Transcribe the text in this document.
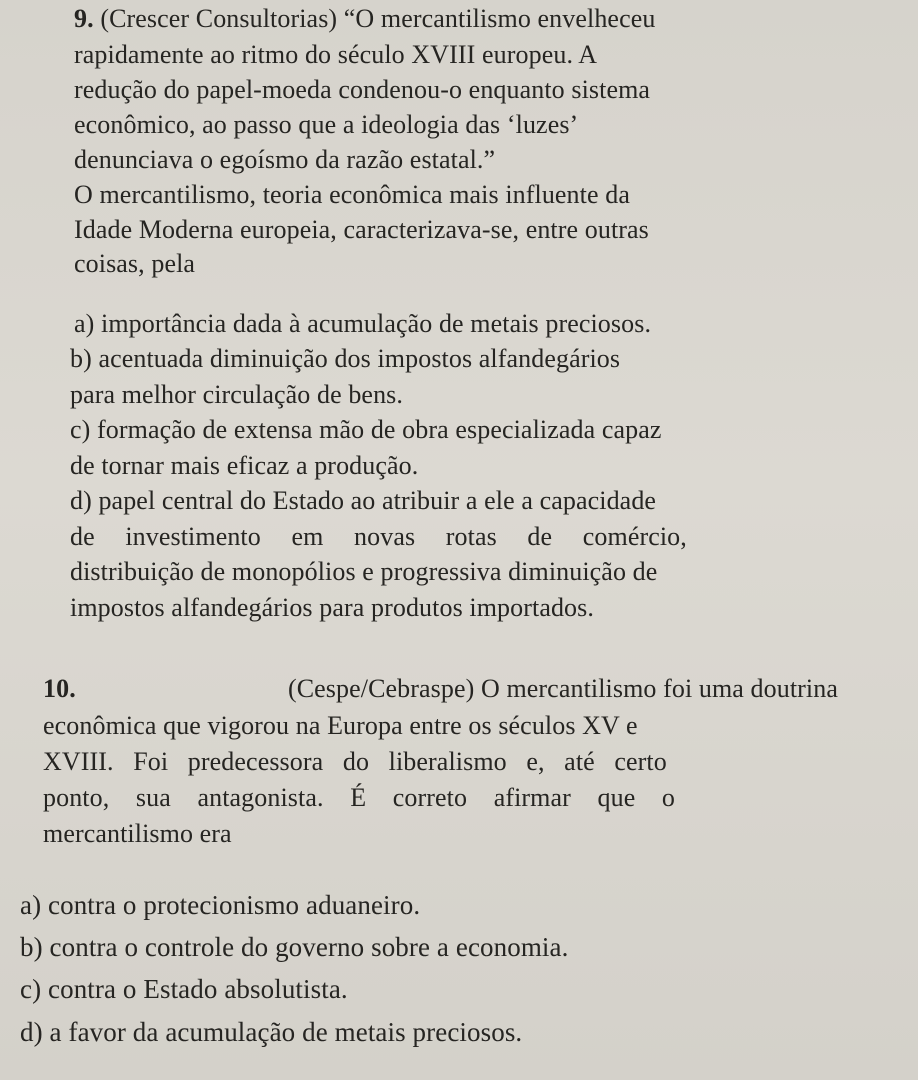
9. (Crescer Consultorias) “O mercantilismo envelheceu
rapidamente ao ritmo do século XVIII europeu. A
redução do papel-moeda condenou-o enquanto sistema
econômico, ao passo que a ideologia das ‘luzes’
denunciava o egoísmo da razão estatal.”
O mercantilismo, teoria econômica mais influente da
Idade Moderna europeia, caracterizava-se, entre outras
coisas, pela
a) importância dada à acumulação de metais preciosos.
b) acentuada diminuição dos impostos alfandegários
para melhor circulação de bens.
c) formação de extensa mão de obra especializada capaz
de tornar mais eficaz a produção.
d) papel central do Estado ao atribuir a ele a capacidade
de investimento em novas rotas de comércio,
distribuição de monopólios e progressiva diminuição de
impostos alfandegários para produtos importados.
10.	(Cespe/Cebraspe) O mercantilismo foi uma doutrina
econômica que vigorou na Europa entre os séculos XV e
XVIII. Foi predecessora do liberalismo e, até certo
ponto, sua antagonista. É correto afirmar que o
mercantilismo era
a) contra o protecionismo aduaneiro.
b) contra o controle do governo sobre a economia.
c) contra o Estado absolutista.
d) a favor da acumulação de metais preciosos.
